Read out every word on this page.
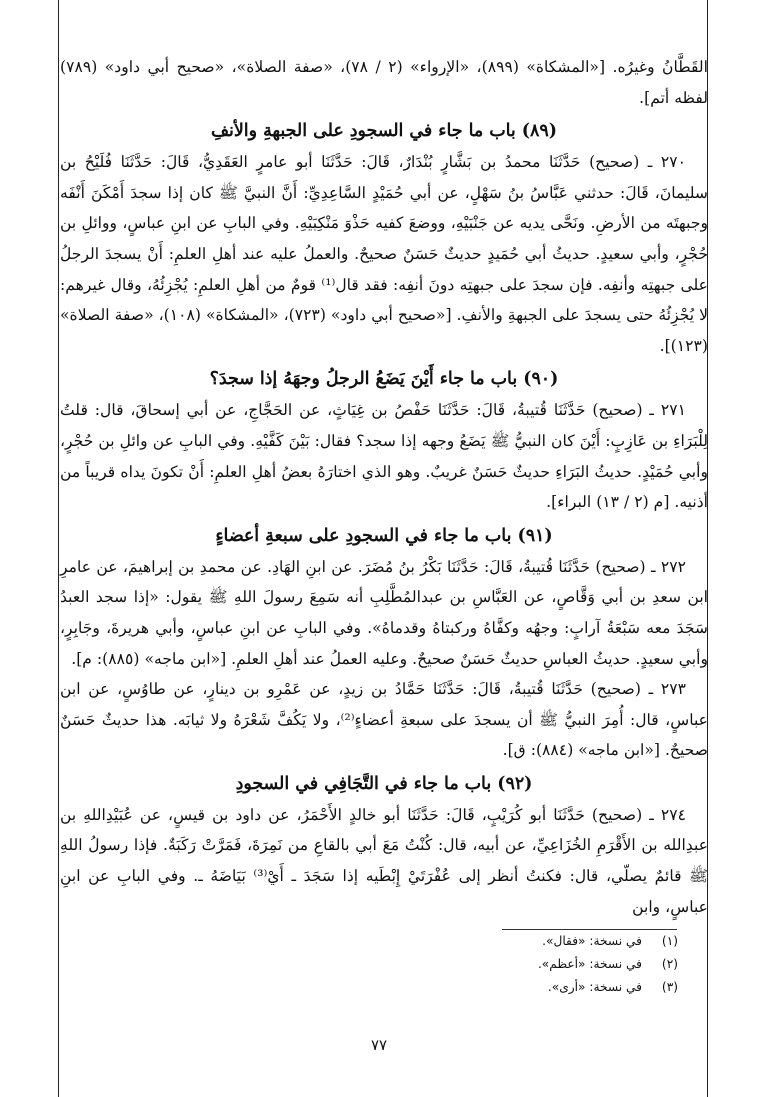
القَطَّانُ وغيرُه. [«المشكاة» (٨٩٩)، «الإرواء» (٢ / ٧٨)، «صفة الصلاة»، «صحيح أبي داود» (٧٨٩) لفظه أتم].

(٨٩) باب ما جاء في السجودِ على الجبهةِ والأنفِ

٢٧٠ ـ (صحيح) حَدَّثَنَا محمدُ بن بَشَّارٍ بُنْدَارٌ، قَالَ: حَدَّثَنَا أبو عامرٍ العَقَدِيُّ، قَالَ: حَدَّثَنَا فُلَيْحُ بن سليمانَ، قَالَ: حدثني عَبَّاسُ بنُ سَهْلٍ، عن أبي حُمَيْدٍ السَّاعِدِيِّ: أَنَّ النبيَّ ﷺ كان إذا سجدَ أَمْكَنَ أَنْفَه وجبهتَه من الأرضِ. ونَحَّى يديه عن جَنْبَيْهِ، ووضعَ كفيه حَذْوَ مَنْكِبَيْهِ. وفي البابِ عن ابنِ عباسٍ، ووائلِ بن حُجْرٍ، وأبي سعيدٍ. حديثُ أبي حُمَيدٍ حديثٌ حَسَنٌ صحيحٌ. والعملُ عليه عند أهلِ العلمِ: أَنْ يسجدَ الرجلُ على جبهتِه وأنفِه. فإن سجدَ على جبهتِه دونَ أنفِه: فقد قال⁽¹⁾ قومٌ من أهلِ العلمِ: يُجْزِئُهُ، وقال غيرهم: لا يُجْزِئُهُ حتى يسجدَ على الجبهةِ والأنفِ. [«صحيح أبي داود» (٧٢٣)، «المشكاة» (١٠٨)، «صفة الصلاة» (١٢٣)].

(٩٠) باب ما جاء أَيْنَ يَضَعُ الرجلُ وجهَهُ إذا سجدَ؟

٢٧١ ـ (صحيح) حَدَّثَنَا قُتيبةُ، قَالَ: حَدَّثَنَا حَفْصُ بن غِيَاثٍ، عن الحَجَّاجِ، عن أبي إسحاقَ، قال: قلتُ لِلْبَرَاءِ بن عَازِبٍ: أَيْنَ كان النبيُّ ﷺ يَضَعُ وجهه إذا سجد؟ فقال: بَيْنَ كَفَّيْهِ. وفي البابِ عن وائلِ بن حُجْرٍ، وأبي حُمَيْدٍ. حديثُ البَرَاءِ حديثٌ حَسَنٌ غريبٌ. وهو الذي اختارَهُ بعضُ أهلِ العلمِ: أَنْ تكونَ يداه قريباً من أذنيه. [م (٢ / ١٣) البراء].

(٩١) باب ما جاء في السجودِ على سبعةِ أعضاءٍ

٢٧٢ ـ (صحيح) حَدَّثَنَا قُتيبةُ، قَالَ: حَدَّثَنَا بَكْرُ بنُ مُضَرَ. عن ابنِ الهَادِ. عن محمدِ بن إبراهيمَ، عن عامرِ ابن سعدِ بن أبي وَقَّاصٍ، عن العَبَّاسِ بن عبدالمُطَّلِبِ أنه سَمِعَ رسولَ اللهِ ﷺ يقول: «إذا سجد العبدُ سَجَدَ معه سَبْعَةُ آرابٍ: وجهُه وكفَّاهُ وركبتاهُ وقدماهُ». وفي البابِ عن ابنِ عباسٍ، وأبي هريرةَ، وجَابِرٍ، وأبي سعيدٍ. حديثُ العباسِ حديثٌ حَسَنٌ صحيحٌ. وعليه العملُ عند أهلِ العلمِ. [«ابن ماجه» (٨٨٥): م].

٢٧٣ ـ (صحيح) حَدَّثَنَا قُتيبةُ، قَالَ: حَدَّثَنَا حَمَّادُ بن زيدٍ، عن عَمْرِو بن دينارٍ، عن طاوُسٍ، عن ابن عباسٍ، قال: أُمِرَ النبيُّ ﷺ أن يسجدَ على سبعةِ أعضاءٍ⁽²⁾، ولا يَكُفَّ شَعْرَهُ ولا ثيابَه. هذا حديثٌ حَسَنٌ صحيحٌ. [«ابن ماجه» (٨٨٤): ق].

(٩٢) باب ما جاء في التَّجَافِي في السجودِ

٢٧٤ ـ (صحيح) حَدَّثَنَا أبو كُرَيْبٍ، قَالَ: حَدَّثَنَا أبو خالدٍ الأَحْمَرُ، عن داود بن قيسٍ، عن عُبَيْدِاللهِ بن عبدِالله بن الأَقْرَمِ الخُزَاعِيِّ، عن أبيه، قال: كُنْتُ مَعَ أبي بالقاعِ من نَمِرَةَ، فَمَرَّتْ رَكَبَةٌ. فإذا رسولُ اللهِ ﷺ قائمٌ يصلّي، قال: فكنتُ أنظر إلى عُفْرَتَيْ إِبْطَيه إذا سَجَدَ ـ أَيْ⁽³⁾ بَيَاضَهُ ـ. وفي البابِ عن ابنِ عباسٍ، وابن

(١)في نسخة: «فقال».
(٢)في نسخة: «أعظم».
(٣)في نسخة: «أرى».
٧٧
